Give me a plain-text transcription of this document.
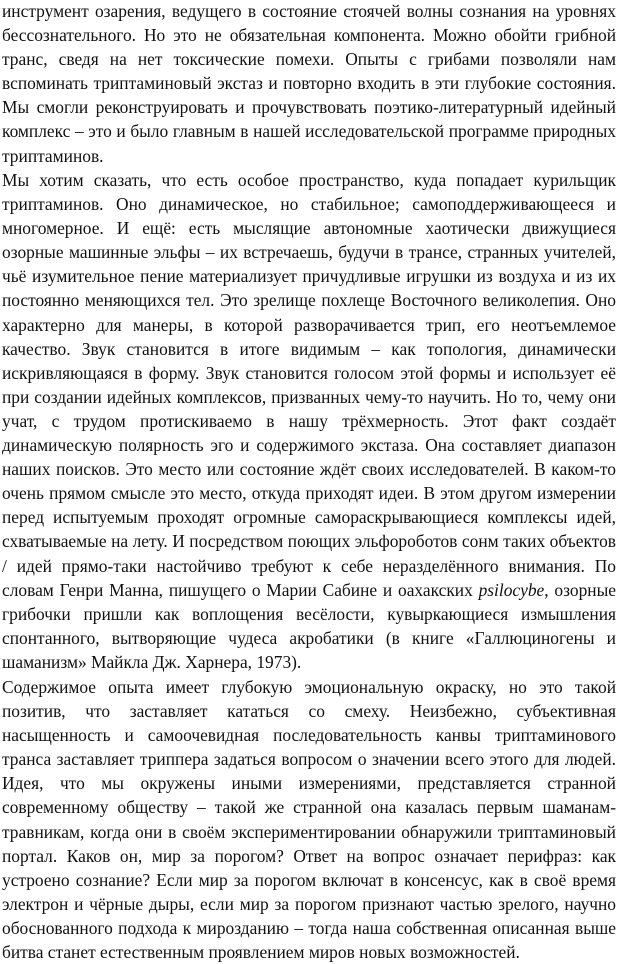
инструмент озарения, ведущего в состояние стоячей волны сознания на уровнях бессознательного. Но это не обязательная компонента. Можно обойти грибной транс, сведя на нет токсические помехи. Опыты с грибами позволяли нам вспоминать триптаминовый экстаз и повторно входить в эти глубокие состояния. Мы смогли реконструировать и прочувствовать поэтико-литературный идейный комплекс – это и было главным в нашей исследовательской программе природных триптаминов.

Мы хотим сказать, что есть особое пространство, куда попадает курильщик триптаминов. Оно динамическое, но стабильное; самоподдерживающееся и многомерное. И ещё: есть мыслящие автономные хаотически движущиеся озорные машинные эльфы – их встречаешь, будучи в трансе, странных учителей, чьё изумительное пение материализует причудливые игрушки из воздуха и из их постоянно меняющихся тел. Это зрелище похлеще Восточного великолепия. Оно характерно для манеры, в которой разворачивается трип, его неотъемлемое качество. Звук становится в итоге видимым – как топология, динамически искривляющаяся в форму. Звук становится голосом этой формы и использует её при создании идейных комплексов, призванных чему-то научить. Но то, чему они учат, с трудом протискиваемо в нашу трёхмерность. Этот факт создаёт динамическую полярность эго и содержимого экстаза. Она составляет диапазон наших поисков. Это место или состояние ждёт своих исследователей. В каком-то очень прямом смысле это место, откуда приходят идеи. В этом другом измерении перед испытуемым проходят огромные саморaскрывающиеся комплексы идей, схватываемые на лету. И посредством поющих эльфороботов сонм таких объектов / идей прямо-таки настойчиво требуют к себе неразделённого внимания. По словам Генри Манна, пишущего о Марии Сабине и оахакских psilocybe, озорные грибочки пришли как воплощения весёлости, кувыркающиеся измышления спонтанного, вытворяющие чудеса акробатики (в книге «Галлюциногены и шаманизм» Майкла Дж. Харнера, 1973).

Содержимое опыта имеет глубокую эмоциональную окраску, но это такой позитив, что заставляет кататься со смеху. Неизбежно, субъективная насыщенность и самоочевидная последовательность канвы триптаминового транса заставляет триппера задаться вопросом о значении всего этого для людей. Идея, что мы окружены иными измерениями, представляется странной современному обществу – такой же странной она казалась первым шаманам-травникам, когда они в своём экспериментировании обнаружили триптаминовый портал. Каков он, мир за порогом? Ответ на вопрос означает перифраз: как устроено сознание? Если мир за порогом включат в консенсус, как в своё время электрон и чёрные дыры, если мир за порогом признают частью зрелого, научно обоснованного подхода к мирозданию – тогда наша собственная описанная выше битва станет естественным проявлением миров новых возможностей.
